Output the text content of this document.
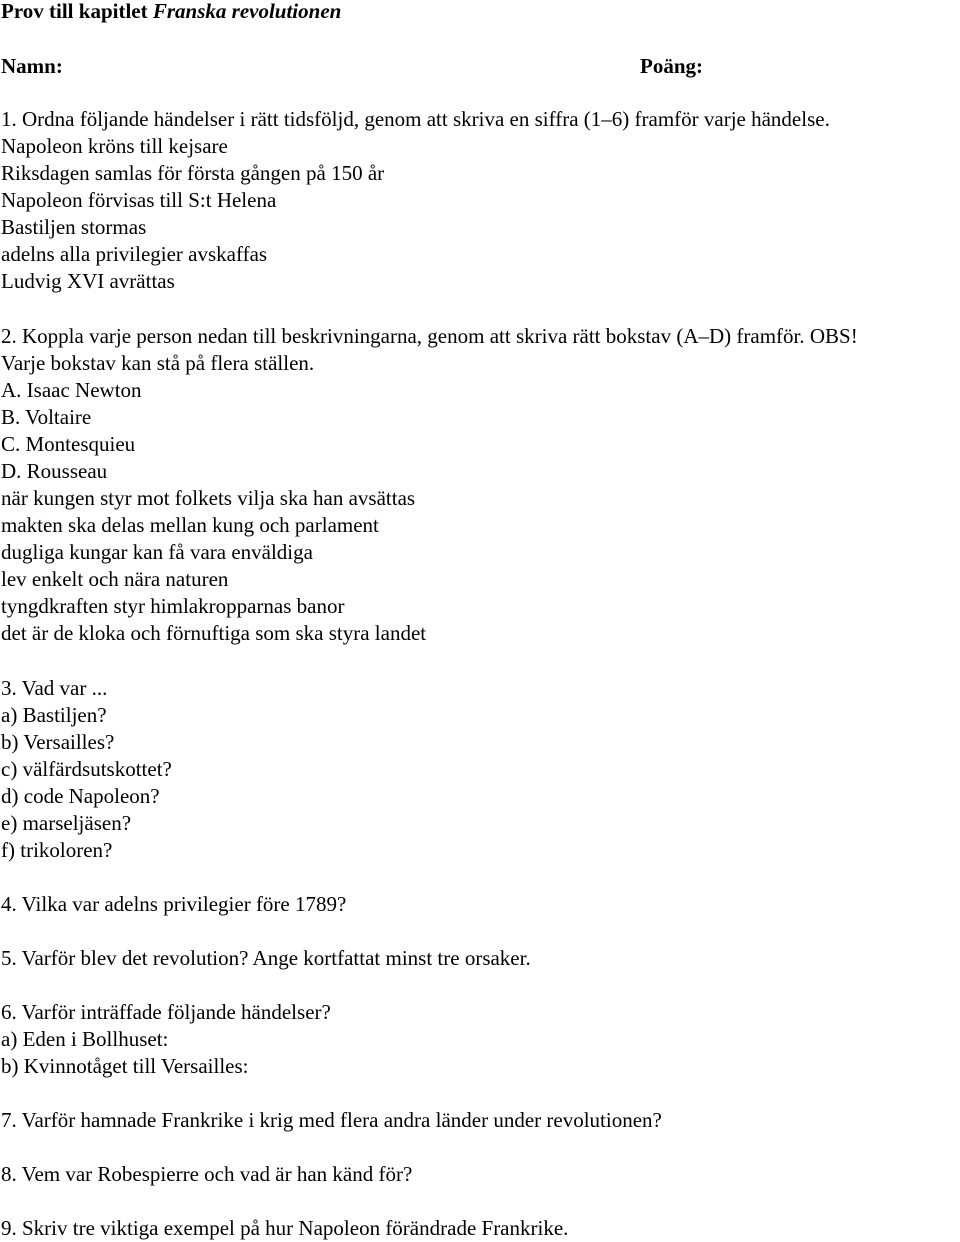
Prov till kapitlet Franska revolutionen
Namn:	Poäng:
1. Ordna följande händelser i rätt tidsföljd, genom att skriva en siffra (1–6) framför varje händelse.
Napoleon kröns till kejsare
Riksdagen samlas för första gången på 150 år
Napoleon förvisas till S:t Helena
Bastiljen stormas
adelns alla privilegier avskaffas
Ludvig XVI avrättas
2. Koppla varje person nedan till beskrivningarna, genom att skriva rätt bokstav (A–D) framför. OBS!
Varje bokstav kan stå på flera ställen.
A. Isaac Newton
B. Voltaire
C. Montesquieu
D. Rousseau
när kungen styr mot folkets vilja ska han avsättas
makten ska delas mellan kung och parlament
dugliga kungar kan få vara enväldiga
lev enkelt och nära naturen
tyngdkraften styr himlakropparnas banor
det är de kloka och förnuftiga som ska styra landet
3. Vad var ...
a) Bastiljen?
b) Versailles?
c) välfärdsutskottet?
d) code Napoleon?
e) marseljäsen?
f) trikoloren?
4. Vilka var adelns privilegier före 1789?
5. Varför blev det revolution? Ange kortfattat minst tre orsaker.
6. Varför inträffade följande händelser?
a) Eden i Bollhuset:
b) Kvinnotåget till Versailles:
7. Varför hamnade Frankrike i krig med flera andra länder under revolutionen?
8. Vem var Robespierre och vad är han känd för?
9. Skriv tre viktiga exempel på hur Napoleon förändrade Frankrike.
